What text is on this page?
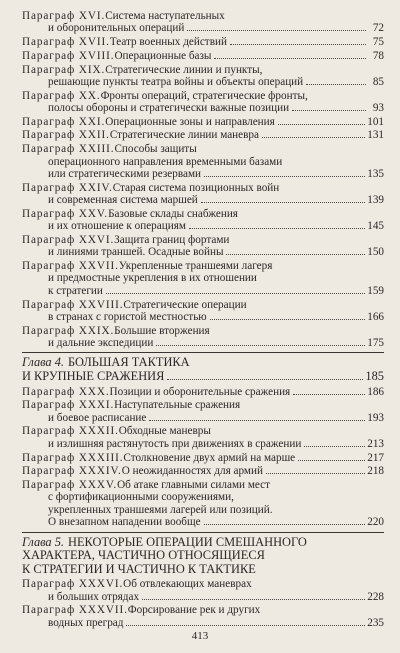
Параграф XVI. Система наступательных
и оборонительных операций	72
Параграф XVII. Театр военных действий	75
Параграф XVIII. Операционные базы	78
Параграф XIX. Стратегические линии и пункты,
решающие пункты театра войны и объекты операций	85
Параграф XX. Фронты операций, стратегические фронты,
полосы обороны и стратегически важные позиции	93
Параграф XXI. Операционные зоны и направления	101
Параграф XXII. Стратегические линии маневра	131
Параграф XXIII. Способы защиты
операционного направления временными базами
или стратегическими резервами	135
Параграф XXIV. Старая система позиционных войн
и современная система маршей	139
Параграф XXV. Базовые склады снабжения
и их отношение к операциям	145
Параграф XXVI. Защита границ фортами
и линиями траншей. Осадные войны	150
Параграф XXVII. Укрепленные траншеями лагеря
и предмостные укрепления в их отношении
к стратегии	159
Параграф XXVIII. Стратегические операции
в странах с гористой местностью	166
Параграф XXIX. Большие вторжения
и дальние экспедиции	175
Глава 4. БОЛЬШАЯ ТАКТИКА
И КРУПНЫЕ СРАЖЕНИЯ	185
Параграф XXX. Позиции и оборонительные сражения	186
Параграф XXXI. Наступательные сражения
и боевое расписание	193
Параграф XXXII. Обходные маневры
и излишняя растянутость при движениях в сражении	213
Параграф XXXIII. Столкновение двух армий на марше	217
Параграф XXXIV. О неожиданностях для армий	218
Параграф XXXV. Об атаке главными силами мест
с фортификационными сооружениями,
укрепленных траншеями лагерей или позиций.
О внезапном нападении вообще	220
Глава 5. НЕКОТОРЫЕ ОПЕРАЦИИ СМЕШАННОГО
ХАРАКТЕРА, ЧАСТИЧНО ОТНОСЯЩИЕСЯ
К СТРАТЕГИИ И ЧАСТИЧНО К ТАКТИКЕ
Параграф XXXVI. Об отвлекающих маневрах
и больших отрядах	228
Параграф XXXVII. Форсирование рек и других
водных преград	235
413
